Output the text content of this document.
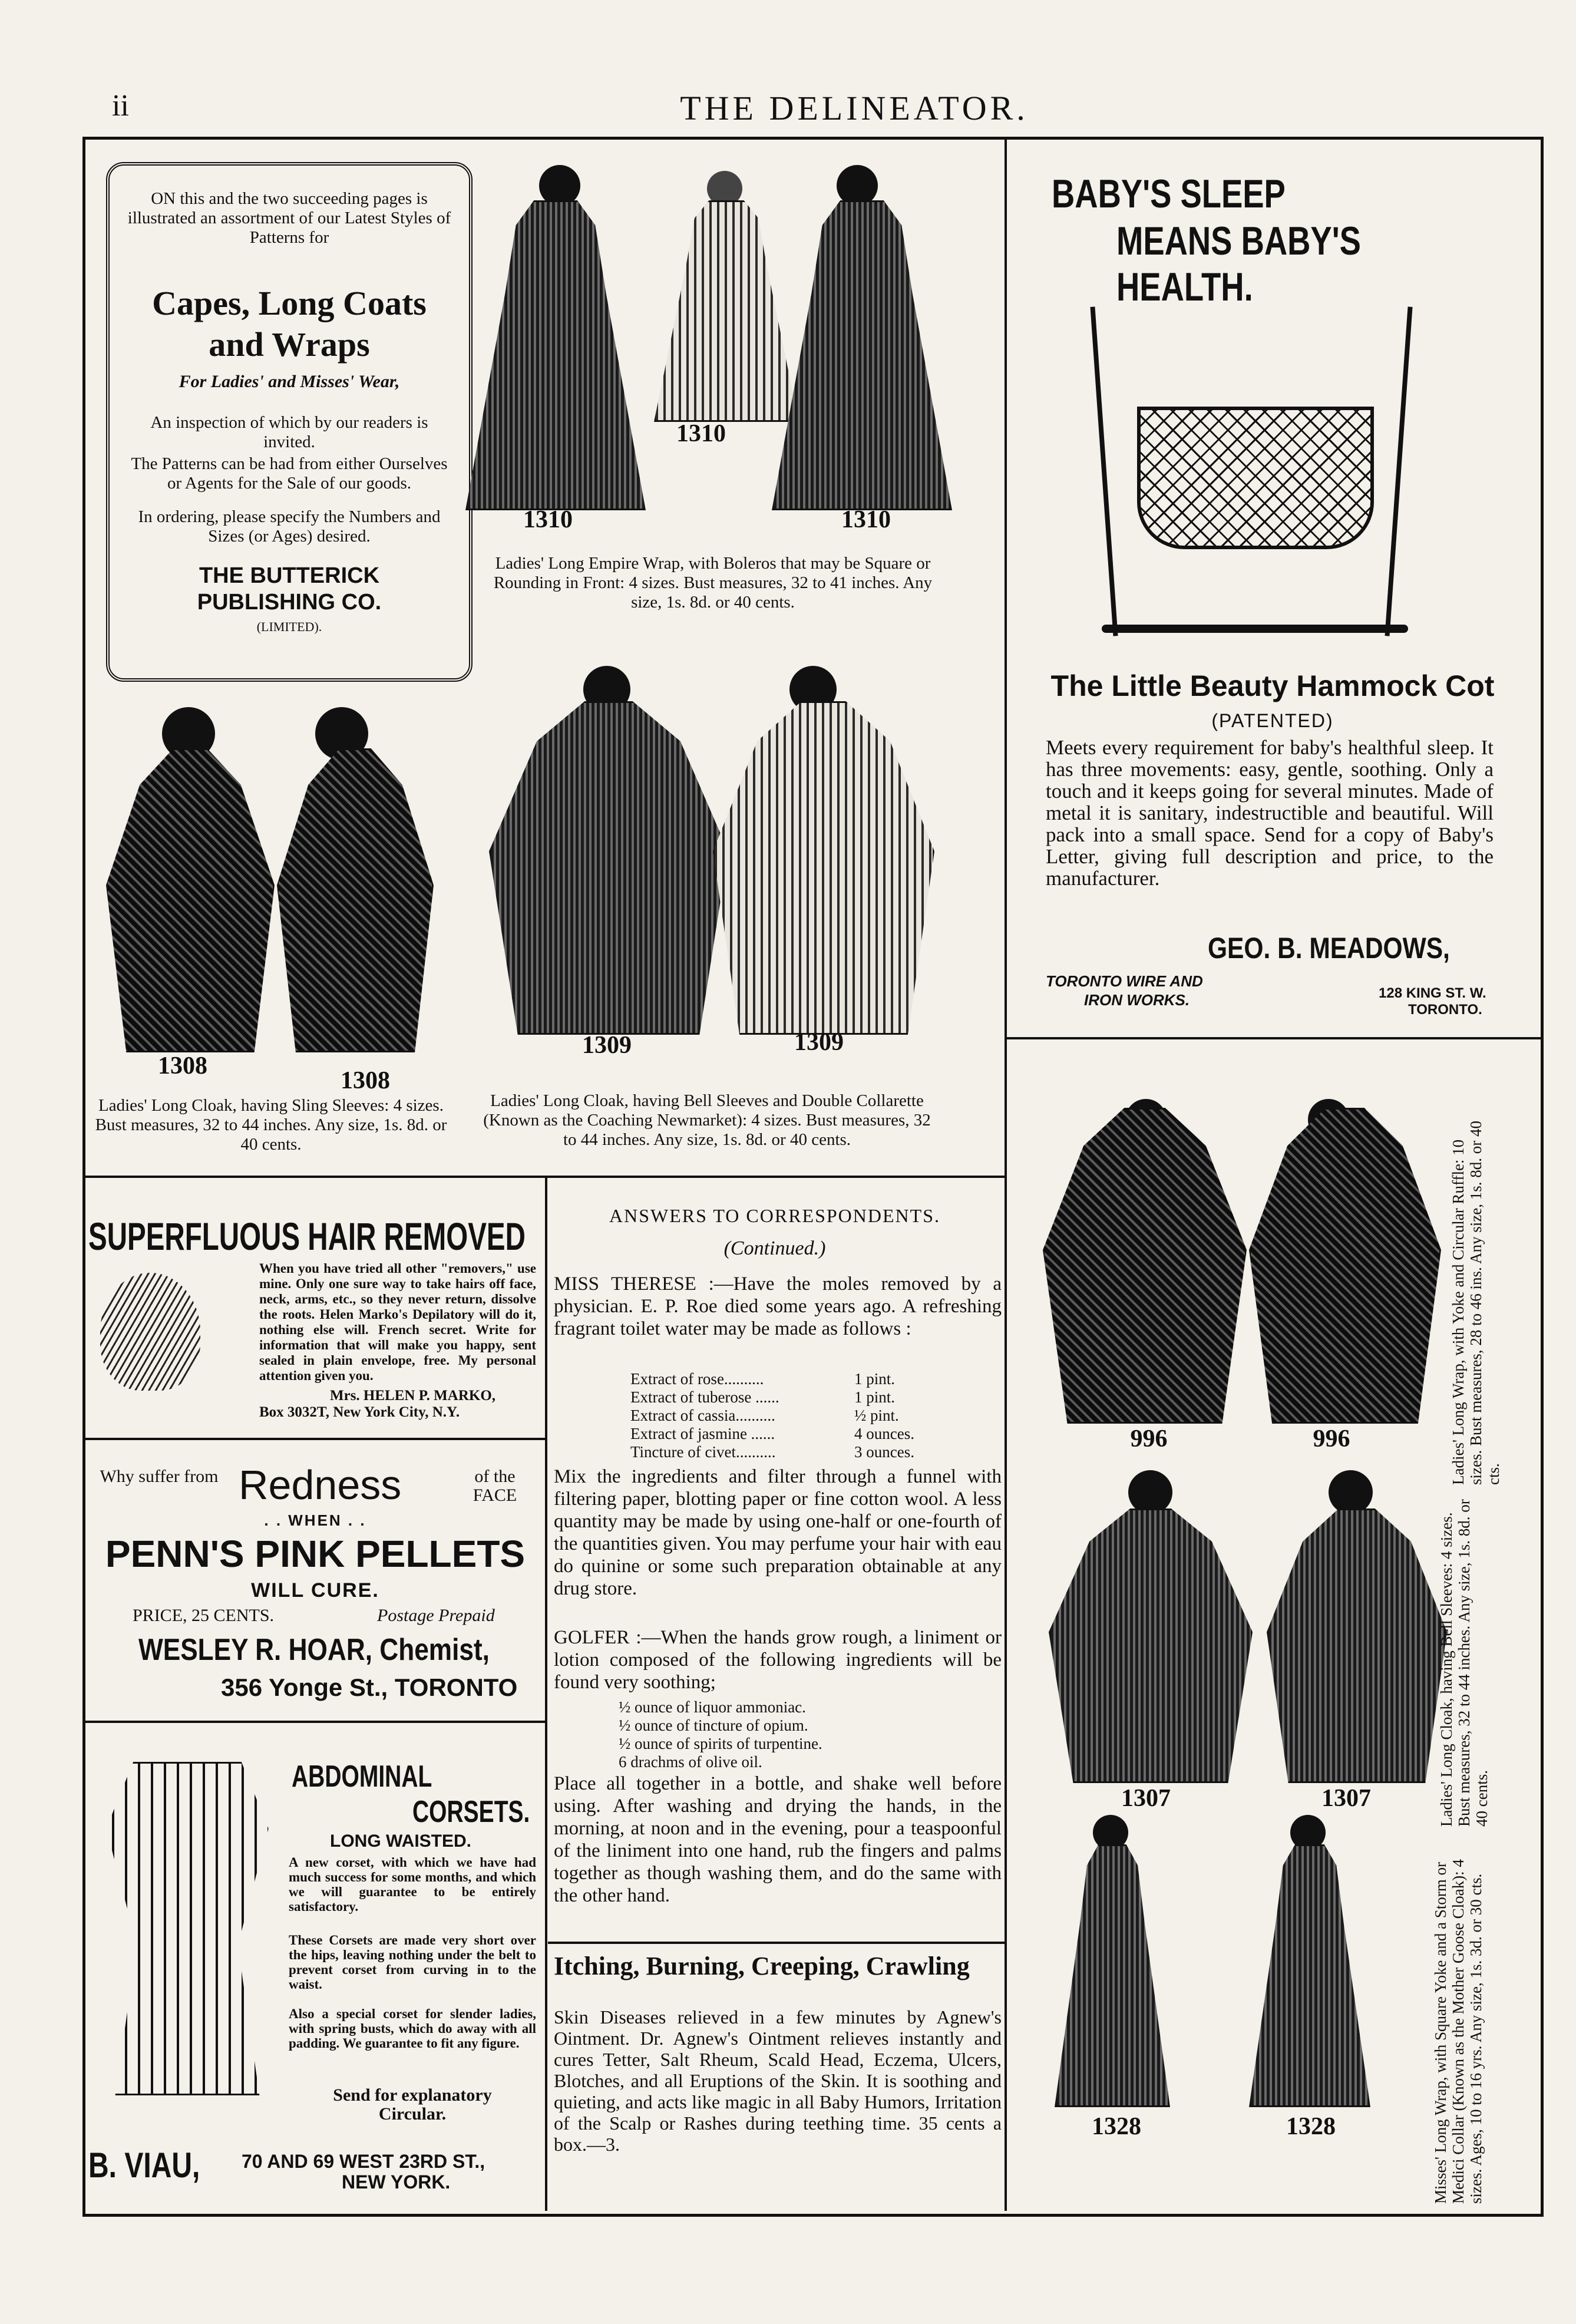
ii	THE DELINEATOR.
ON this and the two succeeding pages is illustrated an assortment of our Latest Styles of Patterns for
Capes, Long Coats
and Wraps
For Ladies' and Misses' Wear,
An inspection of which by our readers is invited.
The Patterns can be had from either Ourselves or Agents for the Sale of our goods.
In ordering, please specify the Numbers and Sizes (or Ages) desired.
THE BUTTERICK
PUBLISHING CO.
(LIMITED).
1310
1310
1310
Ladies' Long Empire Wrap, with Boleros that may be Square or Rounding in Front: 4 sizes. Bust measures, 32 to 41 inches. Any size, 1s. 8d. or 40 cents.
BABY'S SLEEP
MEANS BABY'S HEALTH.
The Little Beauty Hammock Cot
(PATENTED)
Meets every requirement for baby's healthful sleep. It has three movements: easy, gentle, soothing. Only a touch and it keeps going for several minutes. Made of metal it is sanitary, indestructible and beautiful. Will pack into a small space. Send for a copy of Baby's Letter, giving full description and price, to the manufacturer.
GEO. B. MEADOWS,
TORONTO WIRE AND
IRON WORKS.	128 KING ST. W.
TORONTO.
1308
1308
Ladies' Long Cloak, having Sling Sleeves: 4 sizes. Bust measures, 32 to 44 inches. Any size, 1s. 8d. or 40 cents.
1309	1309
Ladies' Long Cloak, having Bell Sleeves and Double Collarette (Known as the Coaching Newmarket): 4 sizes. Bust measures, 32 to 44 inches. Any size, 1s. 8d. or 40 cents.
SUPERFLUOUS HAIR REMOVED
When you have tried all other "removers," use mine. Only one sure way to take hairs off face, neck, arms, etc., so they never return, dissolve the roots. Helen Marko's Depilatory will do it, nothing else will. French secret. Write for information that will make you happy, sent sealed in plain envelope, free. My personal attention given you.
Mrs. HELEN P. MARKO,
Box 3032T, New York City, N.Y.
Why suffer from Redness	of the FACE
. . WHEN . .
PENN'S PINK PELLETS
WILL CURE.
PRICE, 25 CENTS.	Postage Prepaid
WESLEY R. HOAR, Chemist,
356 Yonge St., TORONTO
ABDOMINAL
CORSETS.
LONG WAISTED.
A new corset, with which we have had much success for some months, and which we will guarantee to be entirely satisfactory.
These Corsets are made very short over the hips, leaving nothing under the belt to prevent corset from curving in to the waist.
Also a special corset for slender ladies, with spring busts, which do away with all padding. We guarantee to fit any figure.
Send for explanatory Circular.
B. VIAU, 70 AND 69 WEST 23RD ST.,
NEW YORK.
ANSWERS TO CORRESPONDENTS.
(Continued.)
MISS THERESE :—Have the moles removed by a physician. E. P. Roe died some years ago. A refreshing fragrant toilet water may be made as follows :
Extract of rose..........	1 pint.
Extract of tuberose ......	1 pint.
Extract of cassia..........	½ pint.
Extract of jasmine ......	4 ounces.
Tincture of civet..........	3 ounces.
Mix the ingredients and filter through a funnel with filtering paper, blotting paper or fine cotton wool. A less quantity may be made by using one-half or one-fourth of the quantities given. You may perfume your hair with eau do quinine or some such preparation obtainable at any drug store.
GOLFER :—When the hands grow rough, a liniment or lotion composed of the following ingredients will be found very soothing;
½ ounce of liquor ammoniac.
½ ounce of tincture of opium.
½ ounce of spirits of turpentine.
6 drachms of olive oil.
Place all together in a bottle, and shake well before using. After washing and drying the hands, in the morning, at noon and in the evening, pour a teaspoonful of the liniment into one hand, rub the fingers and palms together as though washing them, and do the same with the other hand.
Itching, Burning, Creeping, Crawling
Skin Diseases relieved in a few minutes by Agnew's Ointment. Dr. Agnew's Ointment relieves instantly and cures Tetter, Salt Rheum, Scald Head, Eczema, Ulcers, Blotches, and all Eruptions of the Skin. It is soothing and quieting, and acts like magic in all Baby Humors, Irritation of the Scalp or Rashes during teething time. 35 cents a box.—3.
996	996	Ladies' Long Wrap, with Yoke and Circular Ruffle: 10 sizes. Bust measures, 28 to 46 ins. Any size, 1s. 8d. or 40 cts.
1307	1307	Ladies' Long Cloak, having Bell Sleeves: 4 sizes. Bust measures, 32 to 44 inches. Any size, 1s. 8d. or 40 cents.
1328	1328	Misses' Long Wrap, with Square Yoke and a Storm or Medici Collar (Known as the Mother Goose Cloak): 4 sizes. Ages, 10 to 16 yrs. Any size, 1s. 3d. or 30 cts.
